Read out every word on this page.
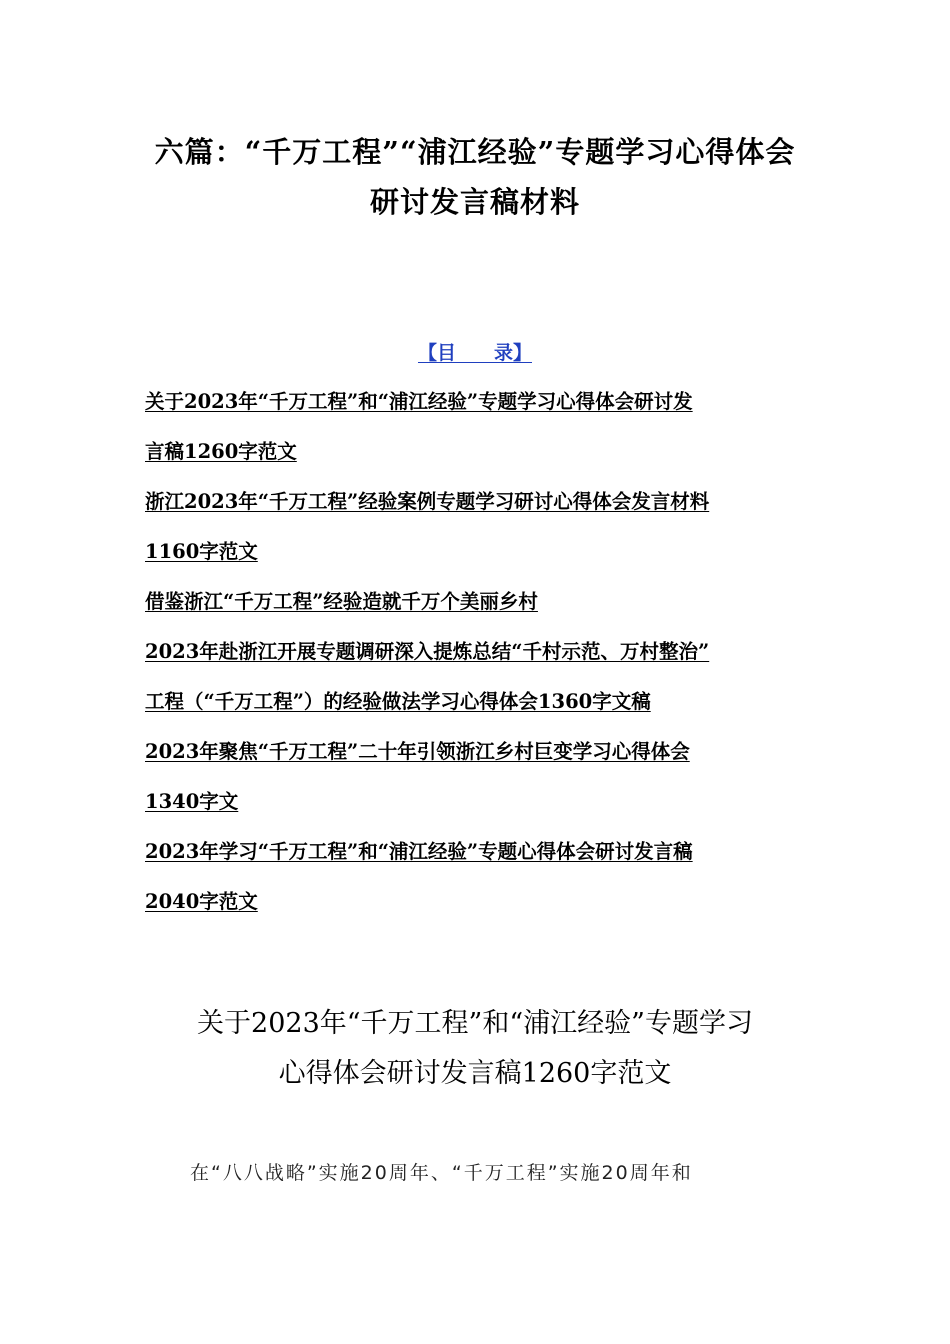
六篇：“千万工程”“浦江经验”专题学习心得体会
研讨发言稿材料
【目　　录】
关于2023年“千万工程”和“浦江经验”专题学习心得体会研讨发
言稿1260字范文
浙江2023年“千万工程”经验案例专题学习研讨心得体会发言材料
1160字范文
借鉴浙江“千万工程”经验造就千万个美丽乡村
2023年赴浙江开展专题调研深入提炼总结“千村示范、万村整治”
工程（“千万工程”）的经验做法学习心得体会1360字文稿
2023年聚焦“千万工程”二十年引领浙江乡村巨变学习心得体会
1340字文
2023年学习“千万工程”和“浦江经验”专题心得体会研讨发言稿
2040字范文
关于2023年“千万工程”和“浦江经验”专题学习
心得体会研讨发言稿1260字范文
在“八八战略”实施20周年、“千万工程”实施20周年和
